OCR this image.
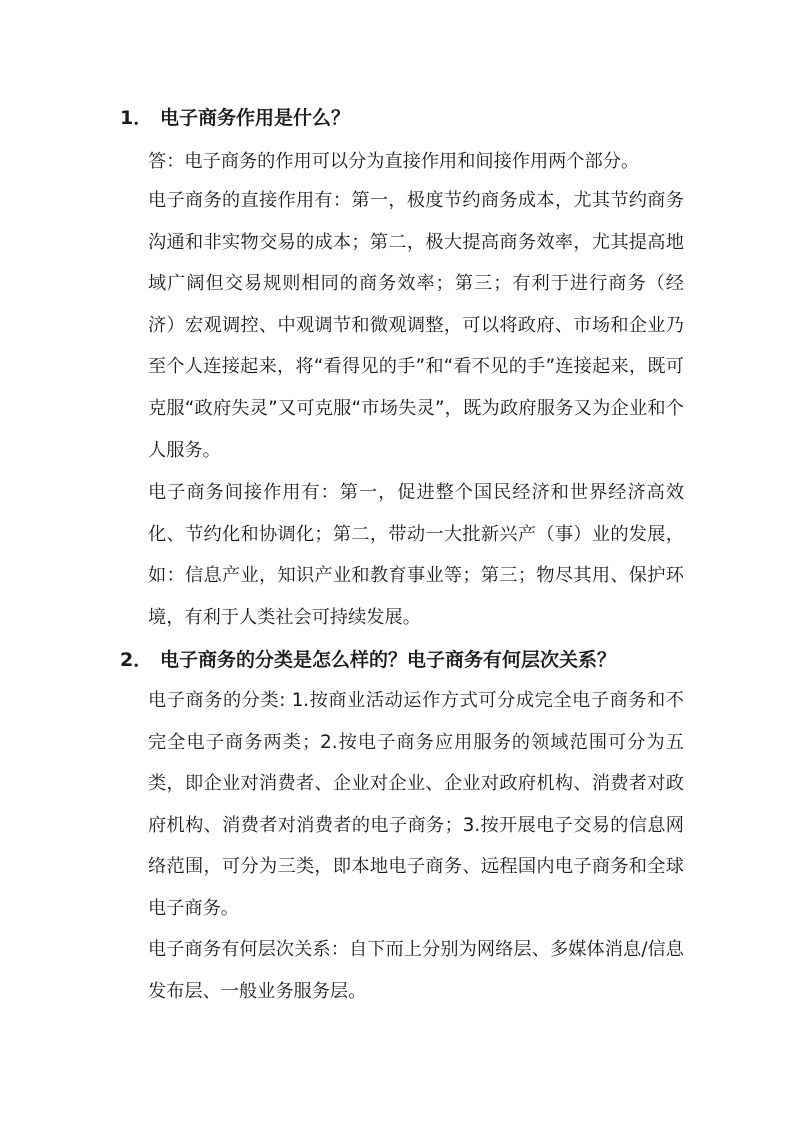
1． 电子商务作用是什么？
答：电子商务的作用可以分为直接作用和间接作用两个部分。
电子商务的直接作用有：第一，极度节约商务成本，尤其节约商务沟通和非实物交易的成本；第二，极大提高商务效率，尤其提高地域广阔但交易规则相同的商务效率；第三；有利于进行商务（经济）宏观调控、中观调节和微观调整，可以将政府、市场和企业乃至个人连接起来，将“看得见的手”和“看不见的手”连接起来，既可克服“政府失灵”又可克服“市场失灵”，既为政府服务又为企业和个人服务。
电子商务间接作用有：第一，促进整个国民经济和世界经济高效化、节约化和协调化；第二，带动一大批新兴产（事）业的发展，如：信息产业，知识产业和教育事业等；第三；物尽其用、保护环境，有利于人类社会可持续发展。
2． 电子商务的分类是怎么样的？电子商务有何层次关系？
电子商务的分类: 1.按商业活动运作方式可分成完全电子商务和不完全电子商务两类；2.按电子商务应用服务的领域范围可分为五类，即企业对消费者、企业对企业、企业对政府机构、消费者对政府机构、消费者对消费者的电子商务；3.按开展电子交易的信息网络范围，可分为三类，即本地电子商务、远程国内电子商务和全球电子商务。
电子商务有何层次关系：自下而上分别为网络层、多媒体消息/信息发布层、一般业务服务层。
